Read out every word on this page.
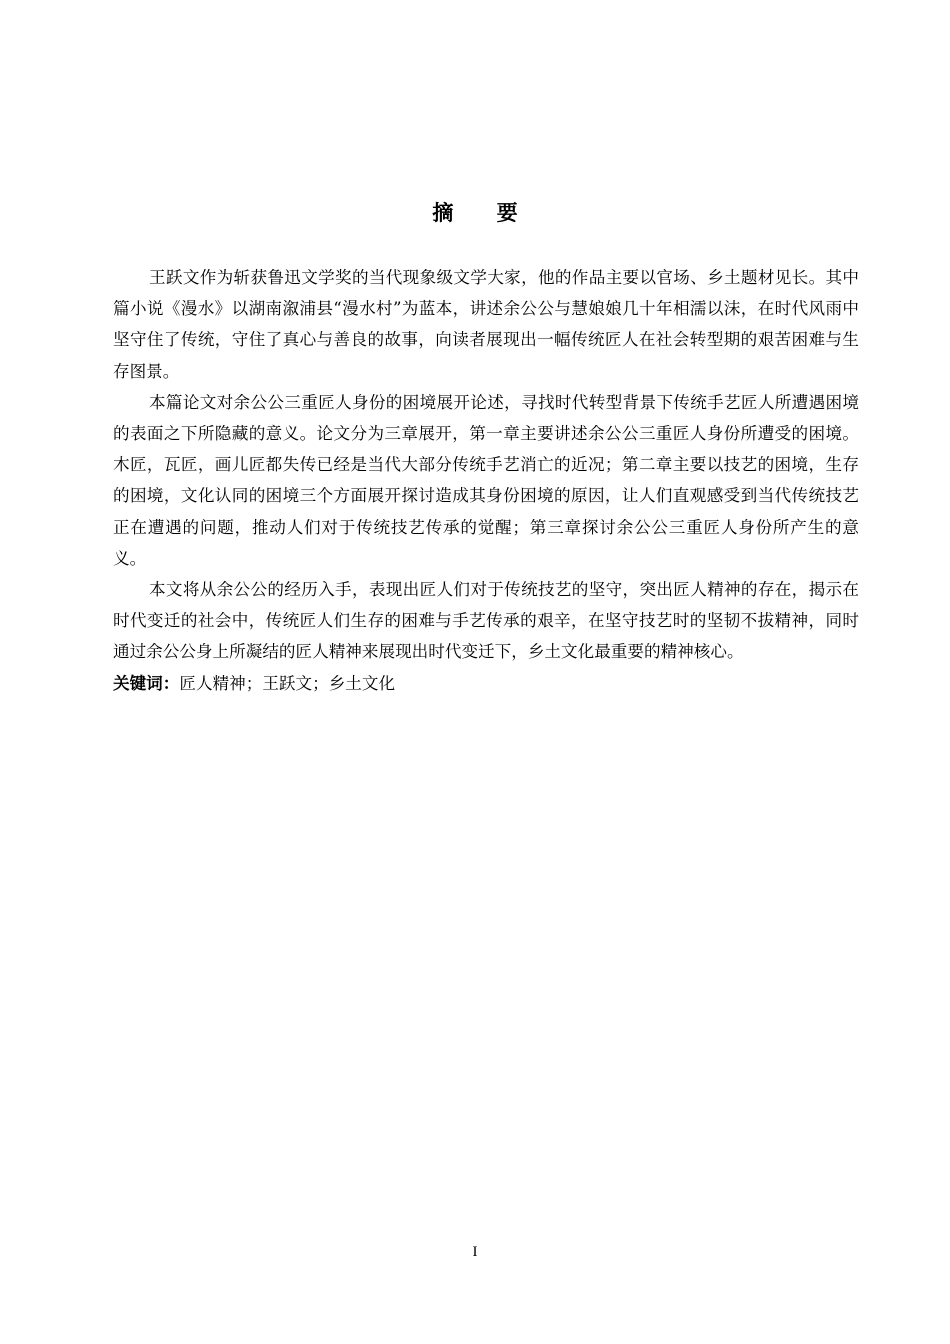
摘 要

王跃文作为斩获鲁迅文学奖的当代现象级文学大家，他的作品主要以官场、乡土题材见长。其中篇小说《漫水》以湖南溆浦县“漫水村”为蓝本，讲述余公公与慧娘娘几十年相濡以沫，在时代风雨中坚守住了传统，守住了真心与善良的故事，向读者展现出一幅传统匠人在社会转型期的艰苦困难与生存图景。

本篇论文对余公公三重匠人身份的困境展开论述，寻找时代转型背景下传统手艺匠人所遭遇困境的表面之下所隐藏的意义。论文分为三章展开，第一章主要讲述余公公三重匠人身份所遭受的困境。木匠，瓦匠，画儿匠都失传已经是当代大部分传统手艺消亡的近况；第二章主要以技艺的困境，生存的困境，文化认同的困境三个方面展开探讨造成其身份困境的原因，让人们直观感受到当代传统技艺正在遭遇的问题，推动人们对于传统技艺传承的觉醒；第三章探讨余公公三重匠人身份所产生的意义。

本文将从余公公的经历入手，表现出匠人们对于传统技艺的坚守，突出匠人精神的存在，揭示在时代变迁的社会中，传统匠人们生存的困难与手艺传承的艰辛，在坚守技艺时的坚韧不拔精神，同时通过余公公身上所凝结的匠人精神来展现出时代变迁下，乡土文化最重要的精神核心。

关键词：匠人精神；王跃文；乡土文化

I
